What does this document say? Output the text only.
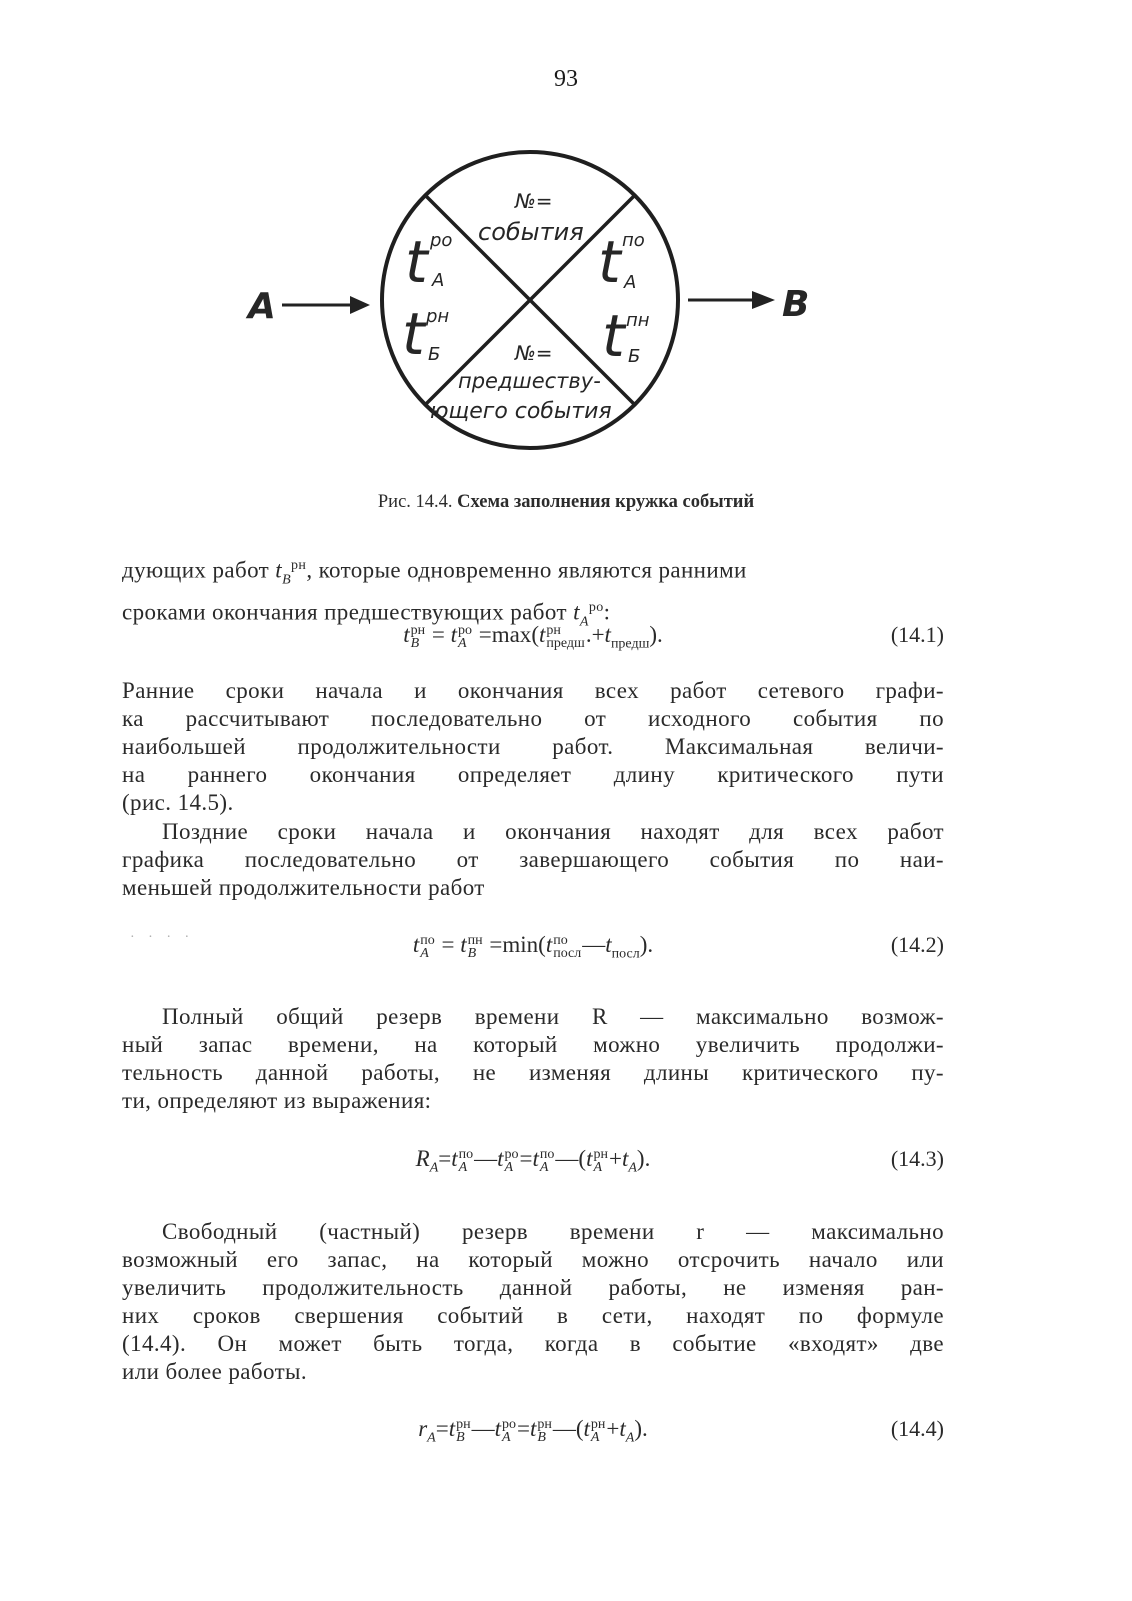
93
А	В
№=
события
№=
предшеству-
ющего события
t ро
А
t рн
Б
t по
А
t пн
Б
Рис. 14.4. Схема заполнения кружка событий
дующих работ $t_В^{рн}$, которые одновременно являются ранними
сроками окончания предшествующих работ $t_А^{ро}$:
t рн
В = t ро
А =max(t рн
предш $.+t_{предш}$).	(14.1)
Ранние сроки начала и окончания всех работ сетевого графи-
ка рассчитывают последовательно от исходного события по
наибольшей продолжительности работ. Максимальная величи-
на раннего окончания определяет длину критического пути
(рис. 14.5).
Поздние сроки начала и окончания находят для всех работ
графика последовательно от завершающего события по наи-
меньшей продолжительности работ
· · · ·	t по
А = t пн
В =min(t по
посл $—t_{посл}$).	(14.2)
Полный общий резерв времени R — максимально возмож-
ный запас времени, на который можно увеличить продолжи-
тельность данной работы, не изменяя длины критического пу-
ти, определяют из выражения:
$R_А=t$ по
А —t ро
А =t по
А —(t рн
$А +t_А$).	(14.3)
Свободный (частный) резерв времени r — максимально
возможный его запас, на который можно отсрочить начало или
увеличить продолжительность данной работы, не изменяя ран-
них сроков свершения событий в сети, находят по формуле
(14.4). Он может быть тогда, когда в событие «входят» две
или более работы.
$r_А=t$ рн
В —t ро
А =t рн
В —(t рн
$А +t_А$).	(14.4)
